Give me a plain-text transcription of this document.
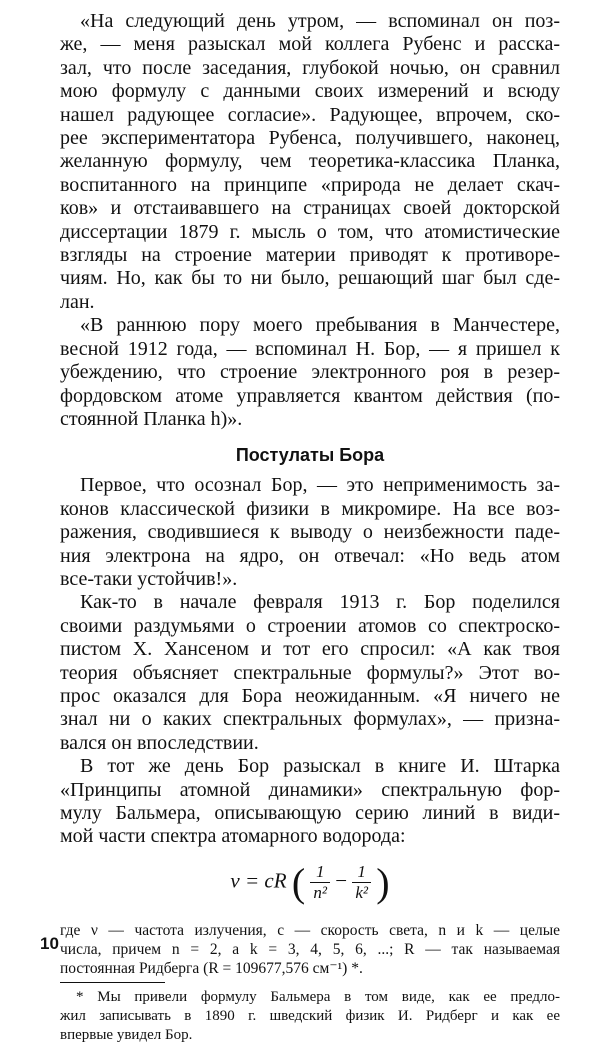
«На следующий день утром, — вспоминал он поз-
же, — меня разыскал мой коллега Рубенс и расска-
зал, что после заседания, глубокой ночью, он сравнил
мою формулу с данными своих измерений и всюду
нашел радующее согласие». Радующее, впрочем, ско-
рее экспериментатора Рубенса, получившего, наконец,
желанную формулу, чем теоретика-классика Планка,
воспитанного на принципе «природа не делает скач-
ков» и отстаивавшего на страницах своей докторской
диссертации 1879 г. мысль о том, что атомистические
взгляды на строение материи приводят к противоре-
чиям. Но, как бы то ни было, решающий шаг был сде-
лан.
«В раннюю пору моего пребывания в Манчестере,
весной 1912 года, — вспоминал Н. Бор, — я пришел к
убеждению, что строение электронного роя в резер-
фордовском атоме управляется квантом действия (по-
стоянной Планка h)».
Постулаты Бора
Первое, что осознал Бор, — это неприменимость за-
конов классической физики в микромире. На все воз-
ражения, сводившиеся к выводу о неизбежности паде-
ния электрона на ядро, он отвечал: «Но ведь атом
все-таки устойчив!».
Как-то в начале февраля 1913 г. Бор поделился
своими раздумьями о строении атомов со спектроско-
пистом Х. Хансеном и тот его спросил: «А как твоя
теория объясняет спектральные формулы?» Этот во-
прос оказался для Бора неожиданным. «Я ничего не
знал ни о каких спектральных формулах», — призна-
вался он впоследствии.
В тот же день Бор разыскал в книге И. Штарка
«Принципы атомной динамики» спектральную фор-
мулу Бальмера, описывающую серию линий в види-
мой части спектра атомарного водорода:
ν = cR ( $\frac{1}{\text{n²}} - \frac{1}{\text{k²}}$ )
где ν — частота излучения, c — скорость света, n и k — целые
числа, причем n = 2, а k = 3, 4, 5, 6, ...; R — так называемая
постоянная Ридберга (R = 109677,576 см⁻¹) *.
* Мы привели формулу Бальмера в том виде, как ее предло-
жил записывать в 1890 г. шведский физик И. Ридберг и как ее
впервые увидел Бор.
10
